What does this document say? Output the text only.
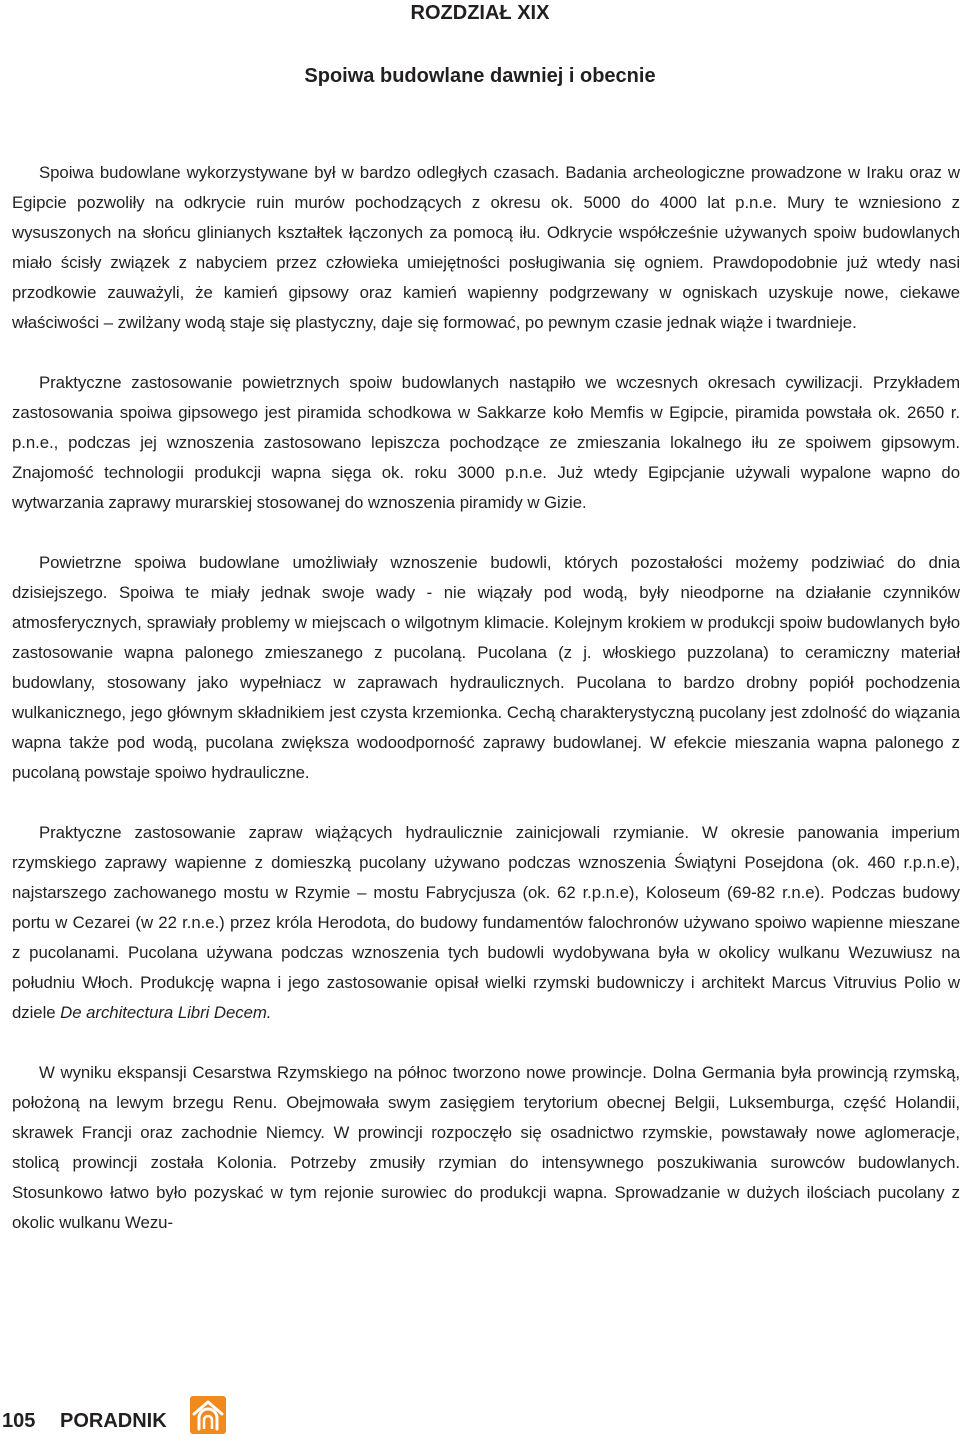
ROZDZIAŁ XIX
Spoiwa budowlane dawniej i obecnie

Spoiwa budowlane wykorzystywane był w bardzo odległych czasach. Badania archeologiczne prowadzone w Iraku oraz w Egipcie pozwoliły na odkrycie ruin murów pochodzących z okresu ok. 5000 do 4000 lat p.n.e. Mury te wzniesiono z wysuszonych na słońcu glinianych kształtek łączonych za pomocą iłu. Odkrycie współcześnie używanych spoiw budowlanych miało ścisły związek z nabyciem przez człowieka umiejętności posługiwania się ogniem. Prawdopodobnie już wtedy nasi przodkowie zauważyli, że kamień gipsowy oraz kamień wapienny podgrzewany w ogniskach uzyskuje nowe, ciekawe właściwości – zwilżany wodą staje się plastyczny, daje się formować, po pewnym czasie jednak wiąże i twardnieje.

Praktyczne zastosowanie powietrznych spoiw budowlanych nastąpiło we wczesnych okresach cywilizacji. Przykładem zastosowania spoiwa gipsowego jest piramida schodkowa w Sakkarze koło Memfis w Egipcie, piramida powstała ok. 2650 r. p.n.e., podczas jej wznoszenia zastosowano lepiszcza pochodzące ze zmieszania lokalnego iłu ze spoiwem gipsowym. Znajomość technologii produkcji wapna sięga ok. roku 3000 p.n.e. Już wtedy Egipcjanie używali wypalone wapno do wytwarzania zaprawy murarskiej stosowanej do wznoszenia piramidy w Gizie.

Powietrzne spoiwa budowlane umożliwiały wznoszenie budowli, których pozostałości możemy podziwiać do dnia dzisiejszego. Spoiwa te miały jednak swoje wady - nie wiązały pod wodą, były nieodporne na działanie czynników atmosferycznych, sprawiały problemy w miejscach o wilgotnym klimacie. Kolejnym krokiem w produkcji spoiw budowlanych było zastosowanie wapna palonego zmieszanego z pucolaną. Pucolana (z j. włoskiego puzzolana) to ceramiczny materiał budowlany, stosowany jako wypełniacz w zaprawach hydraulicznych. Pucolana to bardzo drobny popiół pochodzenia wulkanicznego, jego głównym składnikiem jest czysta krzemionka. Cechą charakterystyczną pucolany jest zdolność do wiązania wapna także pod wodą, pucolana zwiększa wodoodporność zaprawy budowlanej. W efekcie mieszania wapna palonego z pucolaną powstaje spoiwo hydrauliczne.

Praktyczne zastosowanie zapraw wiążących hydraulicznie zainicjowali rzymianie. W okresie panowania imperium rzymskiego zaprawy wapienne z domieszką pucolany używano podczas wznoszenia Świątyni Posejdona (ok. 460 r.p.n.e), najstarszego zachowanego mostu w Rzymie – mostu Fabrycjusza (ok. 62 r.p.n.e), Koloseum (69-82 r.n.e). Podczas budowy portu w Cezarei (w 22 r.n.e.) przez króla Herodota, do budowy fundamentów falochronów używano spoiwo wapienne mieszane z pucolanami. Pucolana używana podczas wznoszenia tych budowli wydobywana była w okolicy wulkanu Wezuwiusz na południu Włoch. Produkcję wapna i jego zastosowanie opisał wielki rzymski budowniczy i architekt Marcus Vitruvius Polio w dziele De architectura Libri Decem.

W wyniku ekspansji Cesarstwa Rzymskiego na północ tworzono nowe prowincje. Dolna Germania była prowincją rzymską, położoną na lewym brzegu Renu. Obejmowała swym zasięgiem terytorium obecnej Belgii, Luksemburga, część Holandii, skrawek Francji oraz zachodnie Niemcy. W prowincji rozpoczęło się osadnictwo rzymskie, powstawały nowe aglomeracje, stolicą prowincji została Kolonia. Potrzeby zmusiły rzymian do intensywnego poszukiwania surowców budowlanych. Stosunkowo łatwo było pozyskać w tym rejonie surowiec do produkcji wapna. Sprowadzanie w dużych ilościach pucolany z okolic wulkanu Wezu-

105 PORADNIK
